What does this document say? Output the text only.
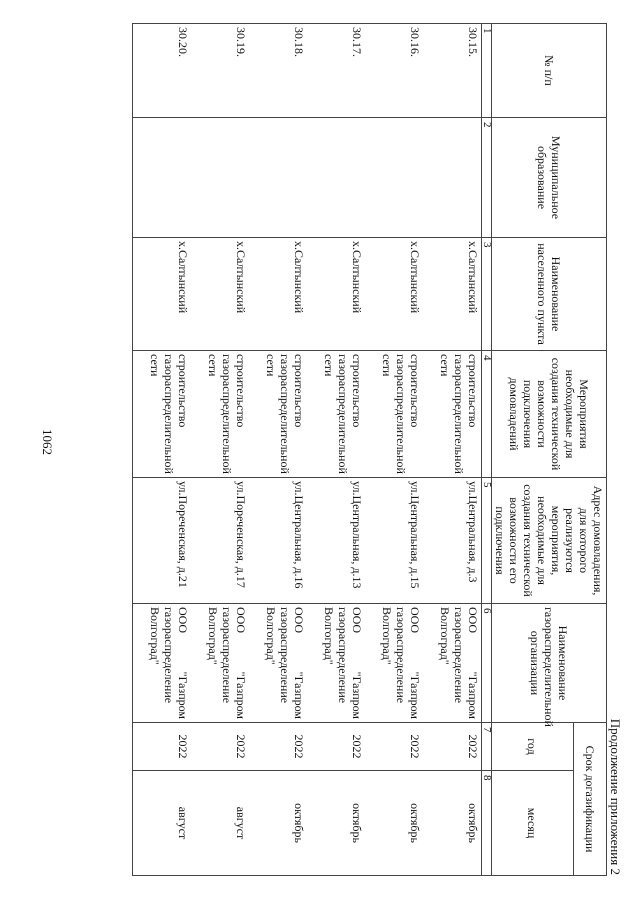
1062
Продолжение приложения 2
№ п/п	Муниципальное образование	Наименование населенного пункта	Мероприятия необходимые для создания технической возможности подключения домовладений	Адрес домовладения, для которого реализуются мероприятия, необходимые для создания технической возможности его подключения	Наименование газораспределительной организации	Срок догазификации	
						год	месяц
1	2	3	4	5	6	7	8
30.15.		х.Салтынский	строительство газораспределительной сети	ул.Центральная, д.3	ООО "Газпром газораспределение Волгоград"	2022	октябрь
30.16.		х.Салтынский	строительство газораспределительной сети	ул.Центральная, д.15	ООО "Газпром газораспределение Волгоград"	2022	октябрь
30.17.		х.Салтынский	строительство газораспределительной сети	ул.Центральная, д.13	ООО "Газпром газораспределение Волгоград"	2022	октябрь
30.18.		х.Салтынский	строительство газораспределительной сети	ул.Центральная, д.16	ООО "Газпром газораспределение Волгоград"	2022	октябрь
30.19.		х.Салтынский	строительство газораспределительной сети	ул.Пореченская, д.17	ООО "Газпром газораспределение Волгоград"	2022	август
30.20.		х.Салтынский	строительство газораспределительной сети	ул.Пореченская, д.21	ООО "Газпром газораспределение Волгоград"	2022	август
